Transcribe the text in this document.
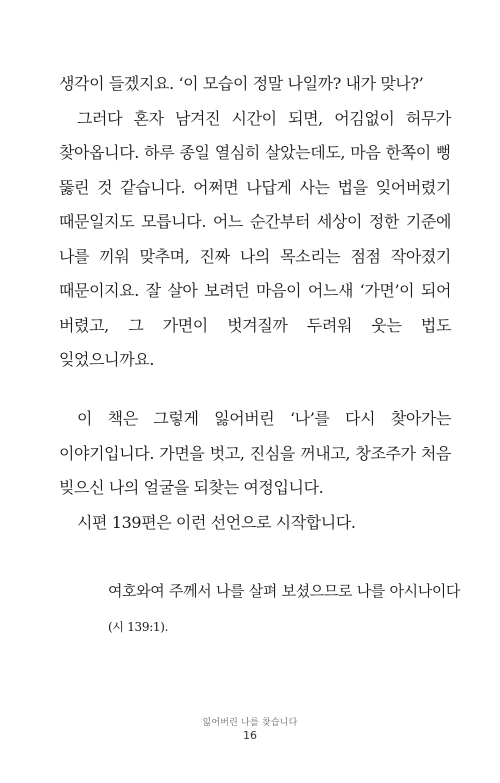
생각이 들겠지요. ‘이 모습이 정말 나일까? 내가 맞나?’

그러다 혼자 남겨진 시간이 되면, 어김없이 허무가 찾아옵니다. 하루 종일 열심히 살았는데도, 마음 한쪽이 뻥 뚫린 것 같습니다. 어쩌면 나답게 사는 법을 잊어버렸기 때문일지도 모릅니다. 어느 순간부터 세상이 정한 기준에 나를 끼워 맞추며, 진짜 나의 목소리는 점점 작아졌기 때문이지요. 잘 살아 보려던 마음이 어느새 ‘가면’이 되어 버렸고, 그 가면이 벗겨질까 두려워 웃는 법도 잊었으니까요.

이 책은 그렇게 잃어버린 ‘나’를 다시 찾아가는 이야기입니다. 가면을 벗고, 진심을 꺼내고, 창조주가 처음 빚으신 나의 얼굴을 되찾는 여정입니다.

시편 139편은 이런 선언으로 시작합니다.

여호와여 주께서 나를 살펴 보셨으므로 나를 아시나이다(시 139:1).

잃어버린 나를 찾습니다
16
